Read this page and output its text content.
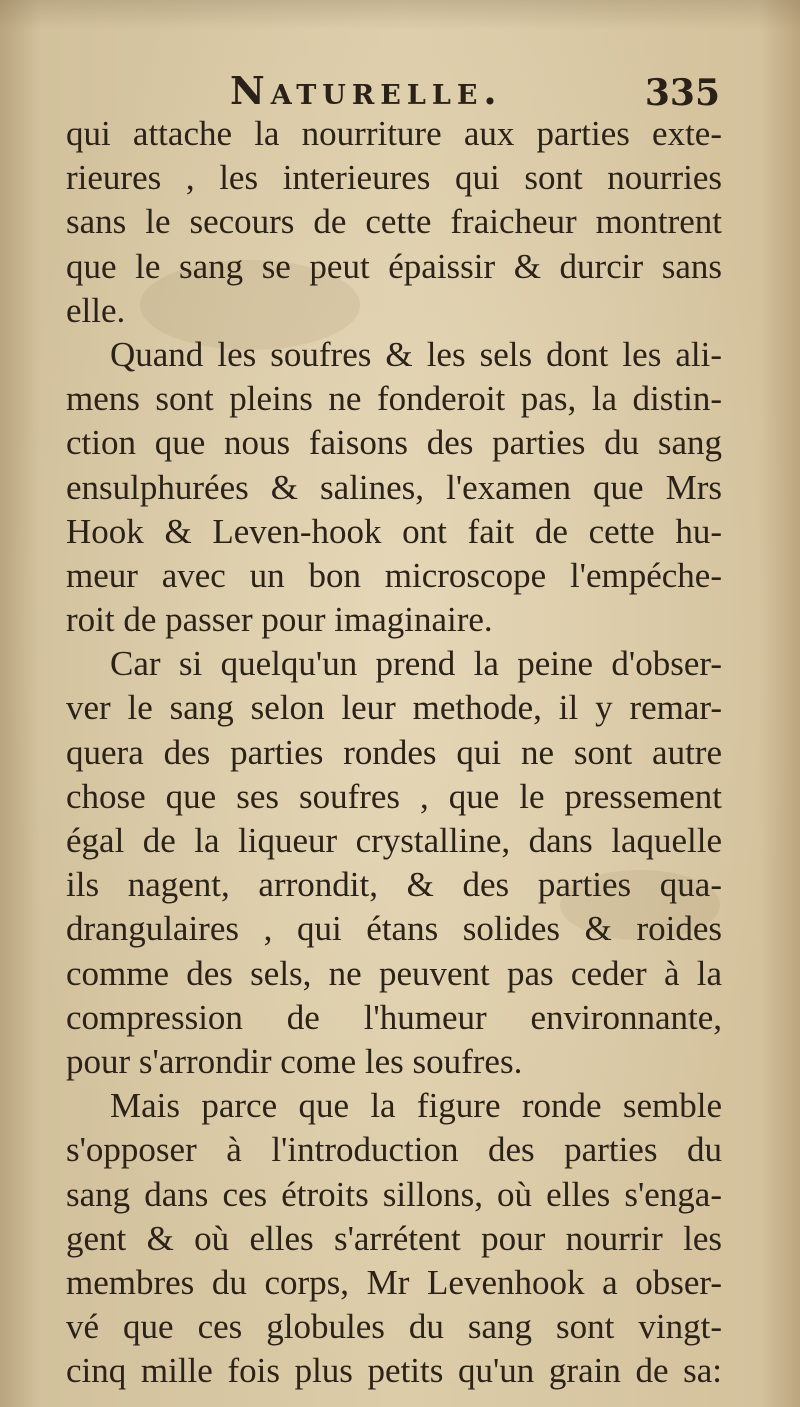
Naturelle.	335
qui attache la nourriture aux parties exte-
rieures , les interieures qui sont nourries
sans le secours de cette fraicheur montrent
que le sang se peut épaissir & durcir sans
elle.
Quand les soufres & les sels dont les ali-
mens sont pleins ne fonderoit pas, la distin-
ction que nous faisons des parties du sang
ensulphurées & salines, l'examen que Mrs
Hook & Leven-hook ont fait de cette hu-
meur avec un bon microscope l'empéche-
roit de passer pour imaginaire.
Car si quelqu'un prend la peine d'obser-
ver le sang selon leur methode, il y remar-
quera des parties rondes qui ne sont autre
chose que ses soufres , que le pressement
égal de la liqueur crystalline, dans laquelle
ils nagent, arrondit, & des parties qua-
drangulaires , qui étans solides & roides
comme des sels, ne peuvent pas ceder à la
compression de l'humeur environnante,
pour s'arrondir come les soufres.
Mais parce que la figure ronde semble
s'opposer à l'introduction des parties du
sang dans ces étroits sillons, où elles s'enga-
gent & où elles s'arrétent pour nourrir les
membres du corps, Mr Levenhook a obser-
vé que ces globules du sang sont vingt-
cinq mille fois plus petits qu'un grain de sa:
